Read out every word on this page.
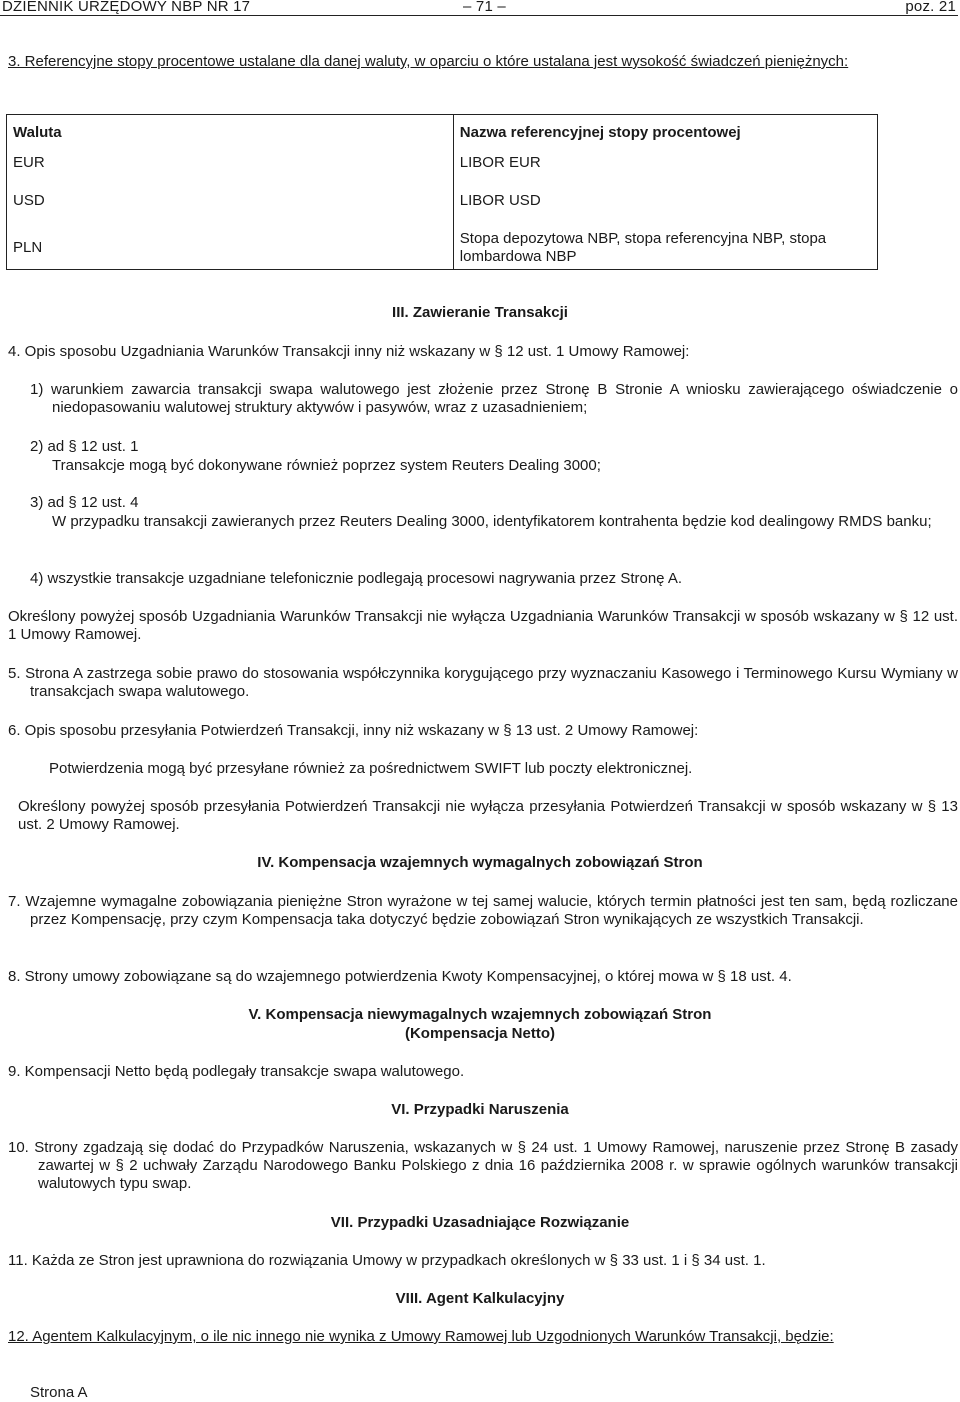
DZIENNIK URZĘDOWY NBP NR 17	– 71 –	poz. 21
3. Referencyjne stopy procentowe ustalane dla danej waluty, w oparciu o które ustalana jest wysokość świadczeń pieniężnych:
Waluta	Nazwa referencyjnej stopy procentowej
EUR	LIBOR EUR
USD	LIBOR USD
PLN	Stopa depozytowa NBP, stopa referencyjna NBP, stopa lombardowa NBP
III. Zawieranie Transakcji
4. Opis sposobu Uzgadniania Warunków Transakcji inny niż wskazany w § 12 ust. 1 Umowy Ramowej:
1) warunkiem zawarcia transakcji swapa walutowego jest złożenie przez Stronę B Stronie A wniosku zawierającego oświadczenie o niedopasowaniu walutowej struktury aktywów i pasywów, wraz z uzasadnieniem;
2) ad § 12 ust. 1
Transakcje mogą być dokonywane również poprzez system Reuters Dealing 3000;
3) ad § 12 ust. 4
W przypadku transakcji zawieranych przez Reuters Dealing 3000, identyfikatorem kontrahenta będzie kod dealingowy RMDS banku;
4) wszystkie transakcje uzgadniane telefonicznie podlegają procesowi nagrywania przez Stronę A.
Określony powyżej sposób Uzgadniania Warunków Transakcji nie wyłącza Uzgadniania Warunków Transakcji w sposób wskazany w § 12 ust. 1 Umowy Ramowej.
5. Strona A zastrzega sobie prawo do stosowania współczynnika korygującego przy wyznaczaniu Kasowego i Terminowego Kursu Wymiany w transakcjach swapa walutowego.
6. Opis sposobu przesyłania Potwierdzeń Transakcji, inny niż wskazany w § 13 ust. 2 Umowy Ramowej:
Potwierdzenia mogą być przesyłane również za pośrednictwem SWIFT lub poczty elektronicznej.
Określony powyżej sposób przesyłania Potwierdzeń Transakcji nie wyłącza przesyłania Potwierdzeń Transakcji w sposób wskazany w § 13 ust. 2 Umowy Ramowej.
IV. Kompensacja wzajemnych wymagalnych zobowiązań Stron
7. Wzajemne wymagalne zobowiązania pieniężne Stron wyrażone w tej samej walucie, których termin płatności jest ten sam, będą rozliczane przez Kompensację, przy czym Kompensacja taka dotyczyć będzie zobowiązań Stron wynikających ze wszystkich Transakcji.
8. Strony umowy zobowiązane są do wzajemnego potwierdzenia Kwoty Kompensacyjnej, o której mowa w § 18 ust. 4.
V. Kompensacja niewymagalnych wzajemnych zobowiązań Stron
(Kompensacja Netto)
9. Kompensacji Netto będą podlegały transakcje swapa walutowego.
VI. Przypadki Naruszenia
10. Strony zgadzają się dodać do Przypadków Naruszenia, wskazanych w § 24 ust. 1 Umowy Ramowej, naruszenie przez Stronę B zasady zawartej w § 2 uchwały Zarządu Narodowego Banku Polskiego z dnia 16 października 2008 r. w sprawie ogólnych warunków transakcji walutowych typu swap.
VII. Przypadki Uzasadniające Rozwiązanie
11. Każda ze Stron jest uprawniona do rozwiązania Umowy w przypadkach określonych w § 33 ust. 1 i § 34 ust. 1.
VIII. Agent Kalkulacyjny
12. Agentem Kalkulacyjnym, o ile nic innego nie wynika z Umowy Ramowej lub Uzgodnionych Warunków Transakcji, będzie:
Strona A
